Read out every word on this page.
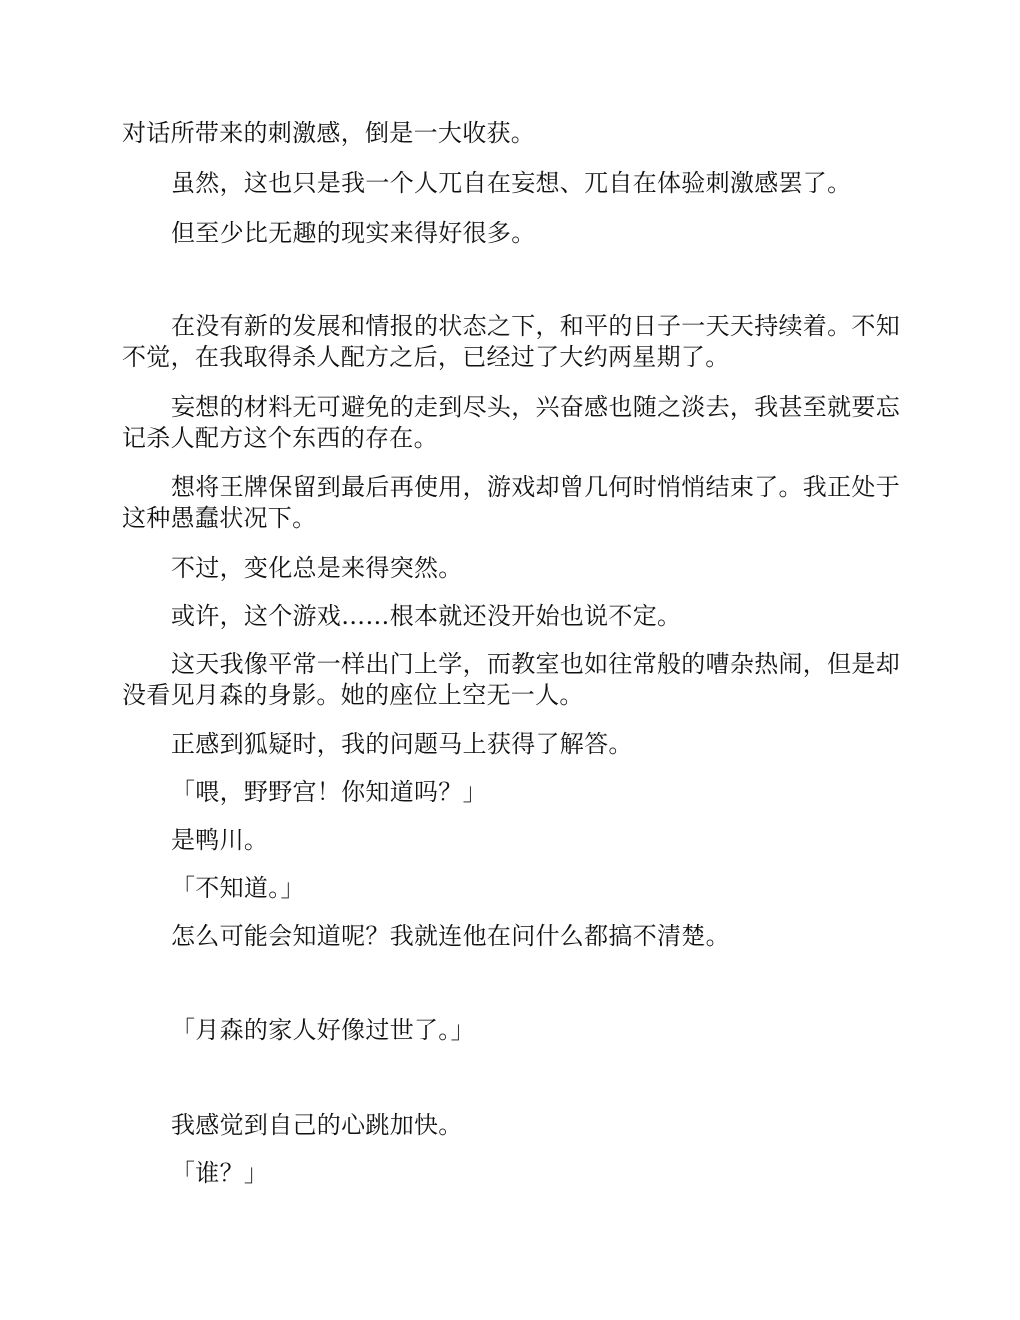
对话所带来的刺激感，倒是一大收获。

虽然，这也只是我一个人兀自在妄想、兀自在体验刺激感罢了。

但至少比无趣的现实来得好很多。

在没有新的发展和情报的状态之下，和平的日子一天天持续着。不知不觉，在我取得杀人配方之后，已经过了大约两星期了。

妄想的材料无可避免的走到尽头，兴奋感也随之淡去，我甚至就要忘记杀人配方这个东西的存在。

想将王牌保留到最后再使用，游戏却曾几何时悄悄结束了。我正处于这种愚蠢状况下。

不过，变化总是来得突然。

或许，这个游戏……根本就还没开始也说不定。

这天我像平常一样出门上学，而教室也如往常般的嘈杂热闹，但是却没看见月森的身影。她的座位上空无一人。

正感到狐疑时，我的问题马上获得了解答。

「喂，野野宫！你知道吗？」

是鸭川。

「不知道。」

怎么可能会知道呢？我就连他在问什么都搞不清楚。

「月森的家人好像过世了。」

我感觉到自己的心跳加快。

「谁？」
